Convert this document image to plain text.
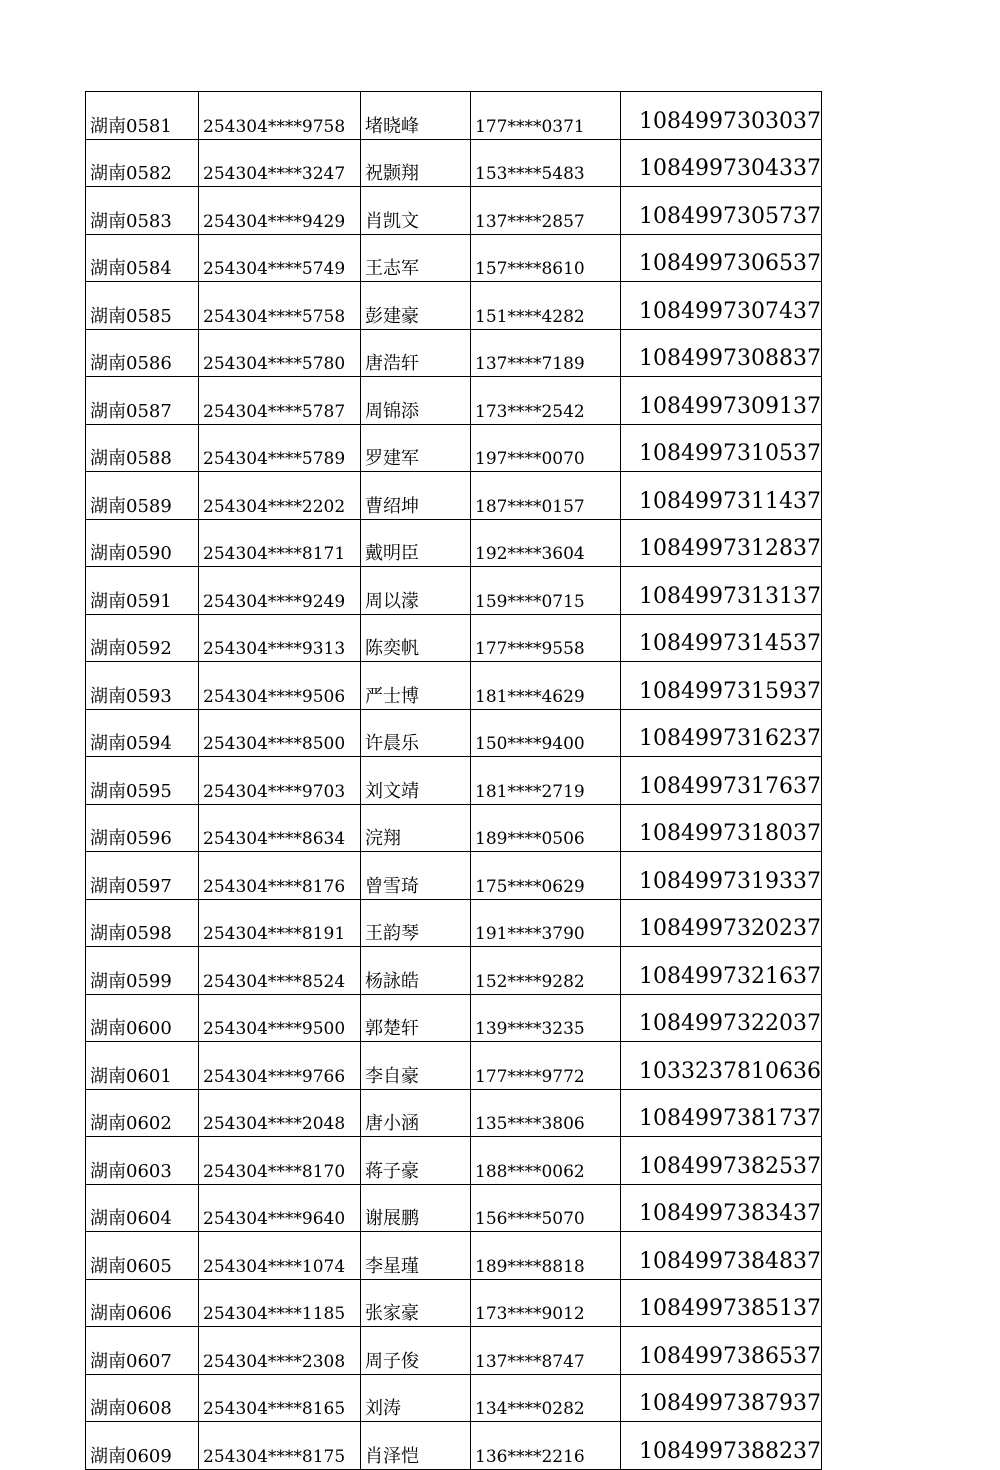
湖南0581	254304****9758	堵晓峰	177****0371	1084997303037
湖南0582	254304****3247	祝颢翔	153****5483	1084997304337
湖南0583	254304****9429	肖凯文	137****2857	1084997305737
湖南0584	254304****5749	王志军	157****8610	1084997306537
湖南0585	254304****5758	彭建豪	151****4282	1084997307437
湖南0586	254304****5780	唐浩轩	137****7189	1084997308837
湖南0587	254304****5787	周锦添	173****2542	1084997309137
湖南0588	254304****5789	罗建军	197****0070	1084997310537
湖南0589	254304****2202	曹绍坤	187****0157	1084997311437
湖南0590	254304****8171	戴明臣	192****3604	1084997312837
湖南0591	254304****9249	周以濛	159****0715	1084997313137
湖南0592	254304****9313	陈奕帆	177****9558	1084997314537
湖南0593	254304****9506	严士博	181****4629	1084997315937
湖南0594	254304****8500	许晨乐	150****9400	1084997316237
湖南0595	254304****9703	刘文靖	181****2719	1084997317637
湖南0596	254304****8634	浣翔	189****0506	1084997318037
湖南0597	254304****8176	曾雪琦	175****0629	1084997319337
湖南0598	254304****8191	王韵琴	191****3790	1084997320237
湖南0599	254304****8524	杨詠皓	152****9282	1084997321637
湖南0600	254304****9500	郭楚轩	139****3235	1084997322037
湖南0601	254304****9766	李自豪	177****9772	1033237810636
湖南0602	254304****2048	唐小涵	135****3806	1084997381737
湖南0603	254304****8170	蒋子豪	188****0062	1084997382537
湖南0604	254304****9640	谢展鹏	156****5070	1084997383437
湖南0605	254304****1074	李星瑾	189****8818	1084997384837
湖南0606	254304****1185	张家豪	173****9012	1084997385137
湖南0607	254304****2308	周子俊	137****8747	1084997386537
湖南0608	254304****8165	刘涛	134****0282	1084997387937
湖南0609	254304****8175	肖泽恺	136****2216	1084997388237
